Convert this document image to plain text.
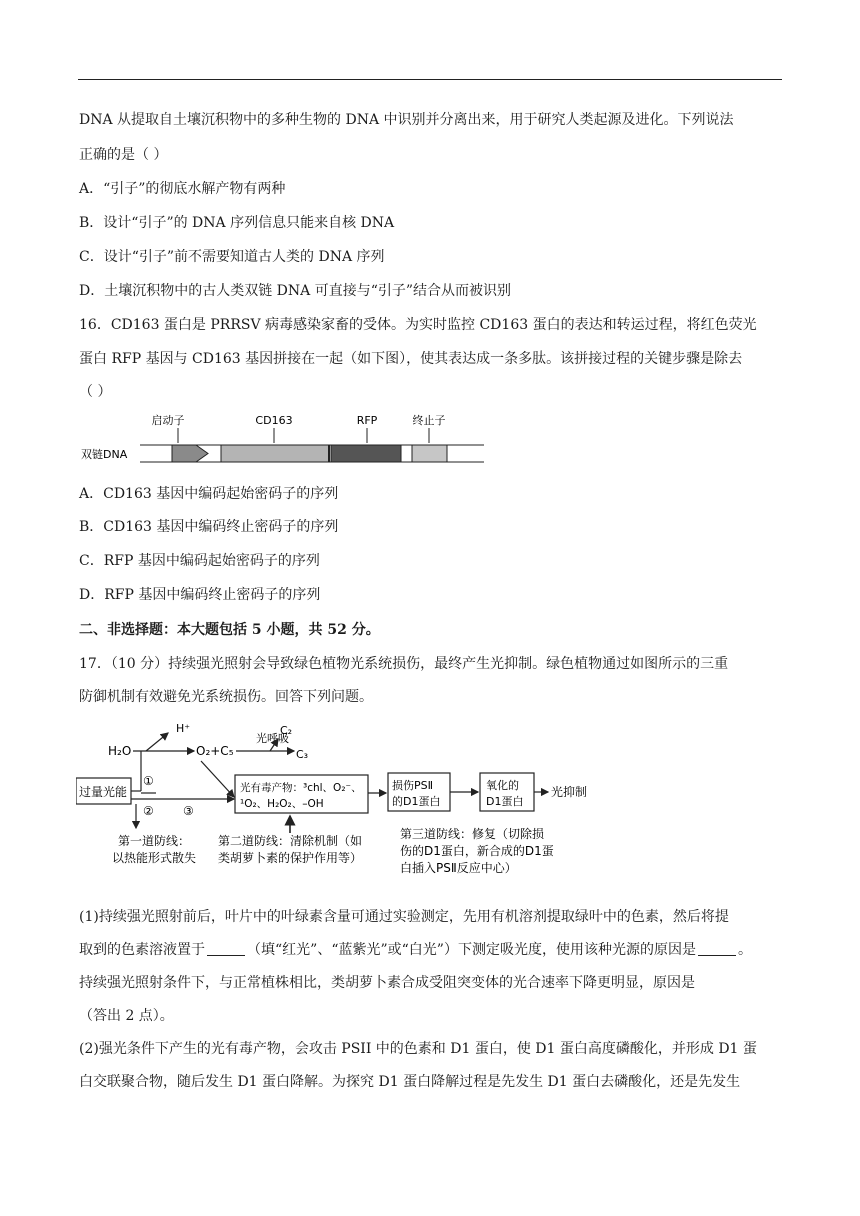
DNA 从提取自土壤沉积物中的多种生物的 DNA 中识别并分离出来，用于研究人类起源及进化。下列说法
正确的是（ ）
A．“引子”的彻底水解产物有两种
B．设计“引子”的 DNA 序列信息只能来自核 DNA
C．设计“引子”前不需要知道古人类的 DNA 序列
D．土壤沉积物中的古人类双链 DNA 可直接与“引子”结合从而被识别
16．CD163 蛋白是 PRRSV 病毒感染家畜的受体。为实时监控 CD163 蛋白的表达和转运过程，将红色荧光
蛋白 RFP 基因与 CD163 基因拼接在一起（如下图），使其表达成一条多肽。该拼接过程的关键步骤是除去
（ ）
启动子	CD163	RFP	终止子
双链DNA
A．CD163 基因中编码起始密码子的序列
B．CD163 基因中编码终止密码子的序列
C．RFP 基因中编码起始密码子的序列
D．RFP 基因中编码终止密码子的序列
二、非选择题：本大题包括 5 小题，共 52 分。
17．（10 分）持续强光照射会导致绿色植物光系统损伤，最终产生光抑制。绿色植物通过如图所示的三重
防御机制有效避免光系统损伤。回答下列问题。
H₂O
H⁺
O₂+C₅
光呼吸
C₂
C₃
过量光能
①
② ③
光有毒产物：³chl、O₂⁻、
¹O₂、H₂O₂、–OH
损伤PSⅡ
的D1蛋白
氧化的
D1蛋白
光抑制
第一道防线：
以热能形式散失
第二道防线：清除机制（如
类胡萝卜素的保护作用等）
第三道防线：修复（切除损
伤的D1蛋白，新合成的D1蛋
白插入PSⅡ反应中心）
(1)持续强光照射前后，叶片中的叶绿素含量可通过实验测定，先用有机溶剂提取绿叶中的色素，然后将提
取到的色素溶液置于	（填“红光”、“蓝紫光”或“白光”）下测定吸光度，使用该种光源的原因是	。
持续强光照射条件下，与正常植株相比，类胡萝卜素合成受阻突变体的光合速率下降更明显，原因是
（答出 2 点）。
(2)强光条件下产生的光有毒产物，会攻击 PSII 中的色素和 D1 蛋白，使 D1 蛋白高度磷酸化，并形成 D1 蛋
白交联聚合物，随后发生 D1 蛋白降解。为探究 D1 蛋白降解过程是先发生 D1 蛋白去磷酸化，还是先发生
